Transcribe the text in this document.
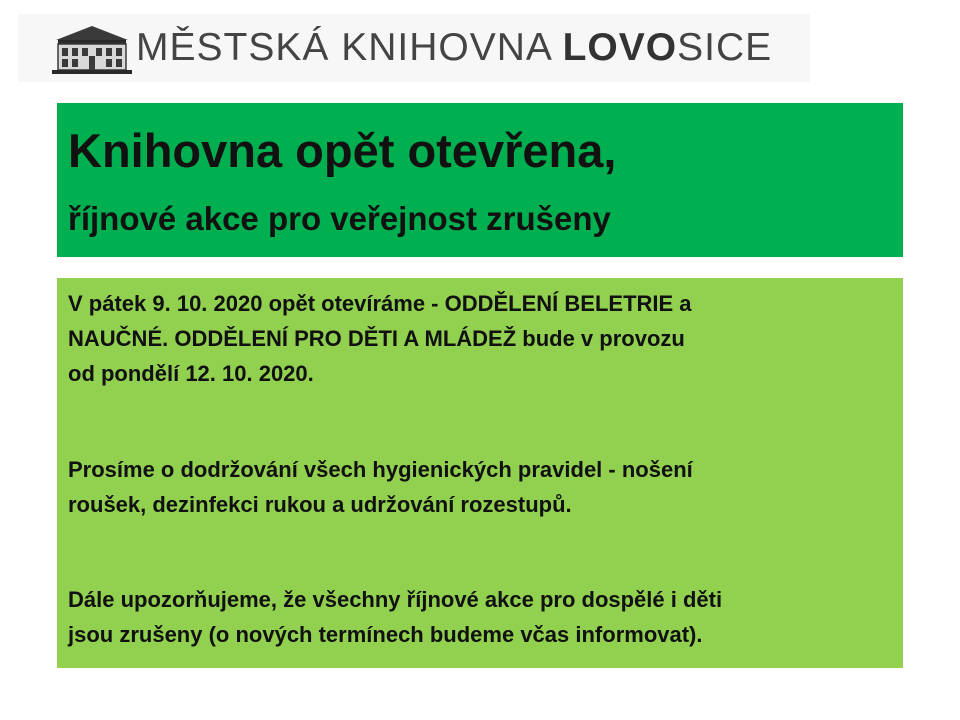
MĚSTSKÁ KNIHOVNA LOVOSICE
Knihovna opět otevřena,
říjnové akce pro veřejnost zrušeny
V pátek 9. 10. 2020 opět otevíráme - ODDĚLENÍ BELETRIE a
NAUČNÉ. ODDĚLENÍ PRO DĚTI A MLÁDEŽ bude v provozu
od pondělí 12. 10. 2020.
Prosíme o dodržování všech hygienických pravidel - nošení
roušek, dezinfekci rukou a udržování rozestupů.
Dále upozorňujeme, že všechny říjnové akce pro dospělé i děti
jsou zrušeny (o nových termínech budeme včas informovat).
